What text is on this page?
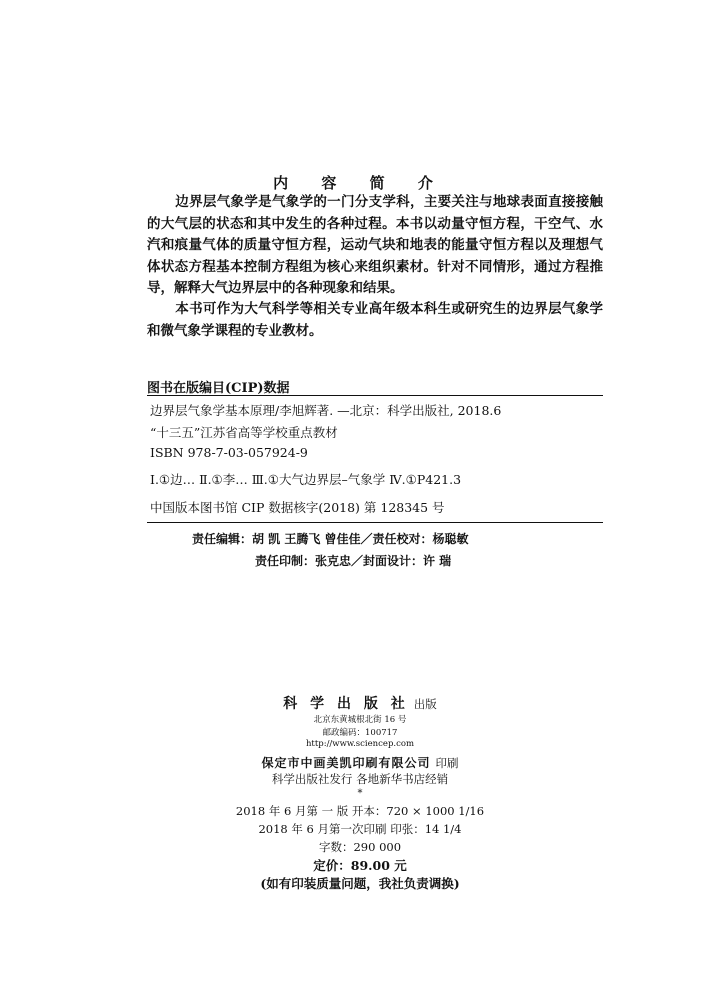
内 容 简 介

边界层气象学是气象学的一门分支学科，主要关注与地球表面直接接触的大气层的状态和其中发生的各种过程。本书以动量守恒方程，干空气、水汽和痕量气体的质量守恒方程，运动气块和地表的能量守恒方程以及理想气体状态方程基本控制方程组为核心来组织素材。针对不同情形，通过方程推导，解释大气边界层中的各种现象和结果。

本书可作为大气科学等相关专业高年级本科生或研究生的边界层气象学和微气象学课程的专业教材。

图书在版编目(CIP)数据
边界层气象学基本原理/李旭辉著. —北京：科学出版社, 2018.6
“十三五”江苏省高等学校重点教材
ISBN 978-7-03-057924-9
Ⅰ.①边… Ⅱ.①李… Ⅲ.①大气边界层–气象学 Ⅳ.①P421.3
中国版本图书馆 CIP 数据核字(2018) 第 128345 号
责任编辑：胡 凯 王腾飞 曾佳佳／责任校对：杨聪敏
责任印制：张克忠／封面设计：许 瑞
科 学 出 版 社 出版
北京东黄城根北街 16 号
邮政编码：100717
http://www.sciencep.com
保定市中画美凯印刷有限公司 印刷
科学出版社发行 各地新华书店经销
*
2018 年 6 月第 一 版 开本：720 × 1000 1/16
2018 年 6 月第一次印刷 印张：14 1/4
字数：290 000
定价：89.00 元
(如有印装质量问题，我社负责调换)
